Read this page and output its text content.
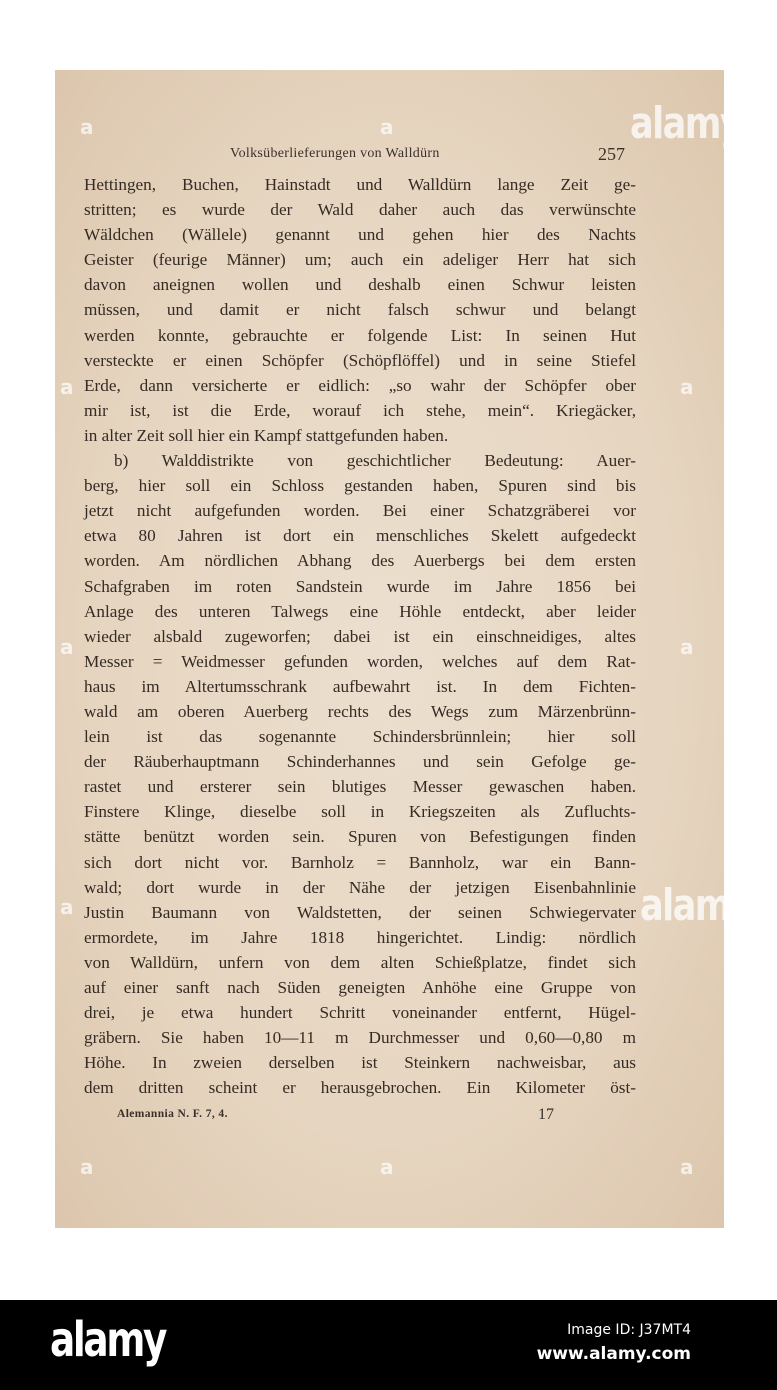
Volksüberlieferungen von Walldürn	257
Hettingen, Buchen, Hainstadt und Walldürn lange Zeit ge-
stritten; es wurde der Wald daher auch das verwünschte
Wäldchen (Wällele) genannt und gehen hier des Nachts
Geister (feurige Männer) um; auch ein adeliger Herr hat sich
davon aneignen wollen und deshalb einen Schwur leisten
müssen, und damit er nicht falsch schwur und belangt
werden konnte, gebrauchte er folgende List: In seinen Hut
versteckte er einen Schöpfer (Schöpflöffel) und in seine Stiefel
Erde, dann versicherte er eidlich: „so wahr der Schöpfer ober
mir ist, ist die Erde, worauf ich stehe, mein“. Kriegäcker,
in alter Zeit soll hier ein Kampf stattgefunden haben.
b) Walddistrikte von geschichtlicher Bedeutung: Auer-
berg, hier soll ein Schloss gestanden haben, Spuren sind bis
jetzt nicht aufgefunden worden. Bei einer Schatzgräberei vor
etwa 80 Jahren ist dort ein menschliches Skelett aufgedeckt
worden. Am nördlichen Abhang des Auerbergs bei dem ersten
Schafgraben im roten Sandstein wurde im Jahre 1856 bei
Anlage des unteren Talwegs eine Höhle entdeckt, aber leider
wieder alsbald zugeworfen; dabei ist ein einschneidiges, altes
Messer = Weidmesser gefunden worden, welches auf dem Rat-
haus im Altertumsschrank aufbewahrt ist. In dem Fichten-
wald am oberen Auerberg rechts des Wegs zum Märzenbrünn-
lein ist das sogenannte Schindersbrünnlein; hier soll
der Räuberhauptmann Schinderhannes und sein Gefolge ge-
rastet und ersterer sein blutiges Messer gewaschen haben.
Finstere Klinge, dieselbe soll in Kriegszeiten als Zufluchts-
stätte benützt worden sein. Spuren von Befestigungen finden
sich dort nicht vor. Barnholz = Bannholz, war ein Bann-
wald; dort wurde in der Nähe der jetzigen Eisenbahnlinie
Justin Baumann von Waldstetten, der seinen Schwiegervater
ermordete, im Jahre 1818 hingerichtet. Lindig: nördlich
von Walldürn, unfern von dem alten Schießplatze, findet sich
auf einer sanft nach Süden geneigten Anhöhe eine Gruppe von
drei, je etwa hundert Schritt voneinander entfernt, Hügel-
gräbern. Sie haben 10—11 m Durchmesser und 0,60—0,80 m
Höhe. In zweien derselben ist Steinkern nachweisbar, aus
dem dritten scheint er herausgebrochen. Ein Kilometer öst-
Alemannia N. F. 7, 4.	17
alamy
alamy
a	a
a	a
a	a
a
a	a	a
alamy	Image ID: J37MT4
www.alamy.com
